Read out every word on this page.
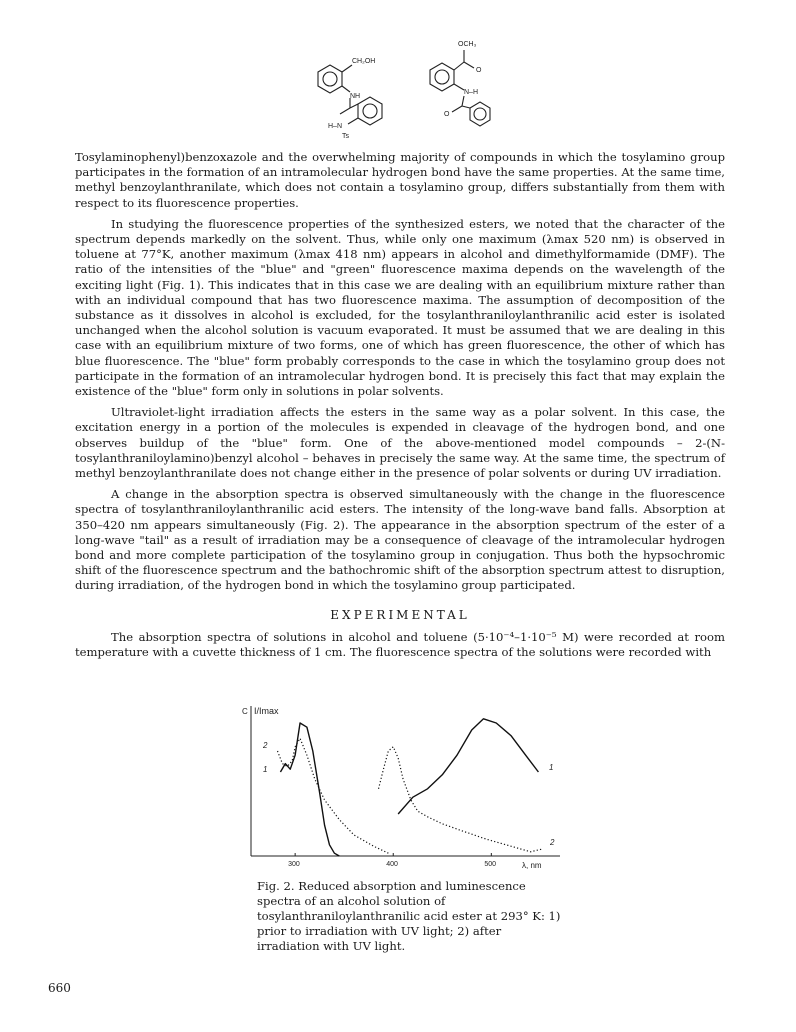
CH₂OH
NH
H–N
Ts
OCH₃
O
N–H
O

Tosylaminophenyl)benzoxazole and the overwhelming majority of compounds in which the tosylamino group participates in the formation of an intramolecular hydrogen bond have the same properties. At the same time, methyl benzoylanthranilate, which does not contain a tosylamino group, differs substantially from them with respect to its fluorescence properties.

In studying the fluorescence properties of the synthesized esters, we noted that the character of the spectrum depends markedly on the solvent. Thus, while only one maximum (λmax 520 nm) is observed in toluene at 77°K, another maximum (λmax 418 nm) appears in alcohol and dimethylformamide (DMF). The ratio of the intensities of the "blue" and "green" fluorescence maxima depends on the wavelength of the exciting light (Fig. 1). This indicates that in this case we are dealing with an equilibrium mixture rather than with an individual compound that has two fluorescence maxima. The assumption of decomposition of the substance as it dissolves in alcohol is excluded, for the tosylanthraniloylanthranilic acid ester is isolated unchanged when the alcohol solution is vacuum evaporated. It must be assumed that we are dealing in this case with an equilibrium mixture of two forms, one of which has green fluorescence, the other of which has blue fluorescence. The "blue" form probably corresponds to the case in which the tosylamino group does not participate in the formation of an intramolecular hydrogen bond. It is precisely this fact that may explain the existence of the "blue" form only in solutions in polar solvents.

Ultraviolet-light irradiation affects the esters in the same way as a polar solvent. In this case, the excitation energy in a portion of the molecules is expended in cleavage of the hydrogen bond, and one observes buildup of the "blue" form. One of the above-mentioned model compounds – 2-(N-tosylanthraniloylamino)benzyl alcohol – behaves in precisely the same way. At the same time, the spectrum of methyl benzoylanthranilate does not change either in the presence of polar solvents or during UV irradiation.

A change in the absorption spectra is observed simultaneously with the change in the fluorescence spectra of tosylanthraniloylanthranilic acid esters. The intensity of the long-wave band falls. Absorption at 350–420 nm appears simultaneously (Fig. 2). The appearance in the absorption spectrum of the ester of a long-wave "tail" as a result of irradiation may be a consequence of cleavage of the intramolecular hydrogen bond and more complete participation of the tosylamino group in conjugation. Thus both the hypsochromic shift of the fluorescence spectrum and the bathochromic shift of the absorption spectrum attest to disruption, during irradiation, of the hydrogen bond in which the tosylamino group participated.

EXPERIMENTAL

The absorption spectra of solutions in alcohol and toluene (5·10⁻⁴–1·10⁻⁵ M) were recorded at room temperature with a cuvette thickness of 1 cm. The fluorescence spectra of the solutions were recorded with

C I/Imax
300	400	500	λ, nm
2
1	1
2
Fig. 2. Reduced absorption and luminescence spectra of an alcohol solution of tosylanthraniloylanthranilic acid ester at 293° K: 1) prior to irradiation with UV light; 2) after irradiation with UV light.
660
